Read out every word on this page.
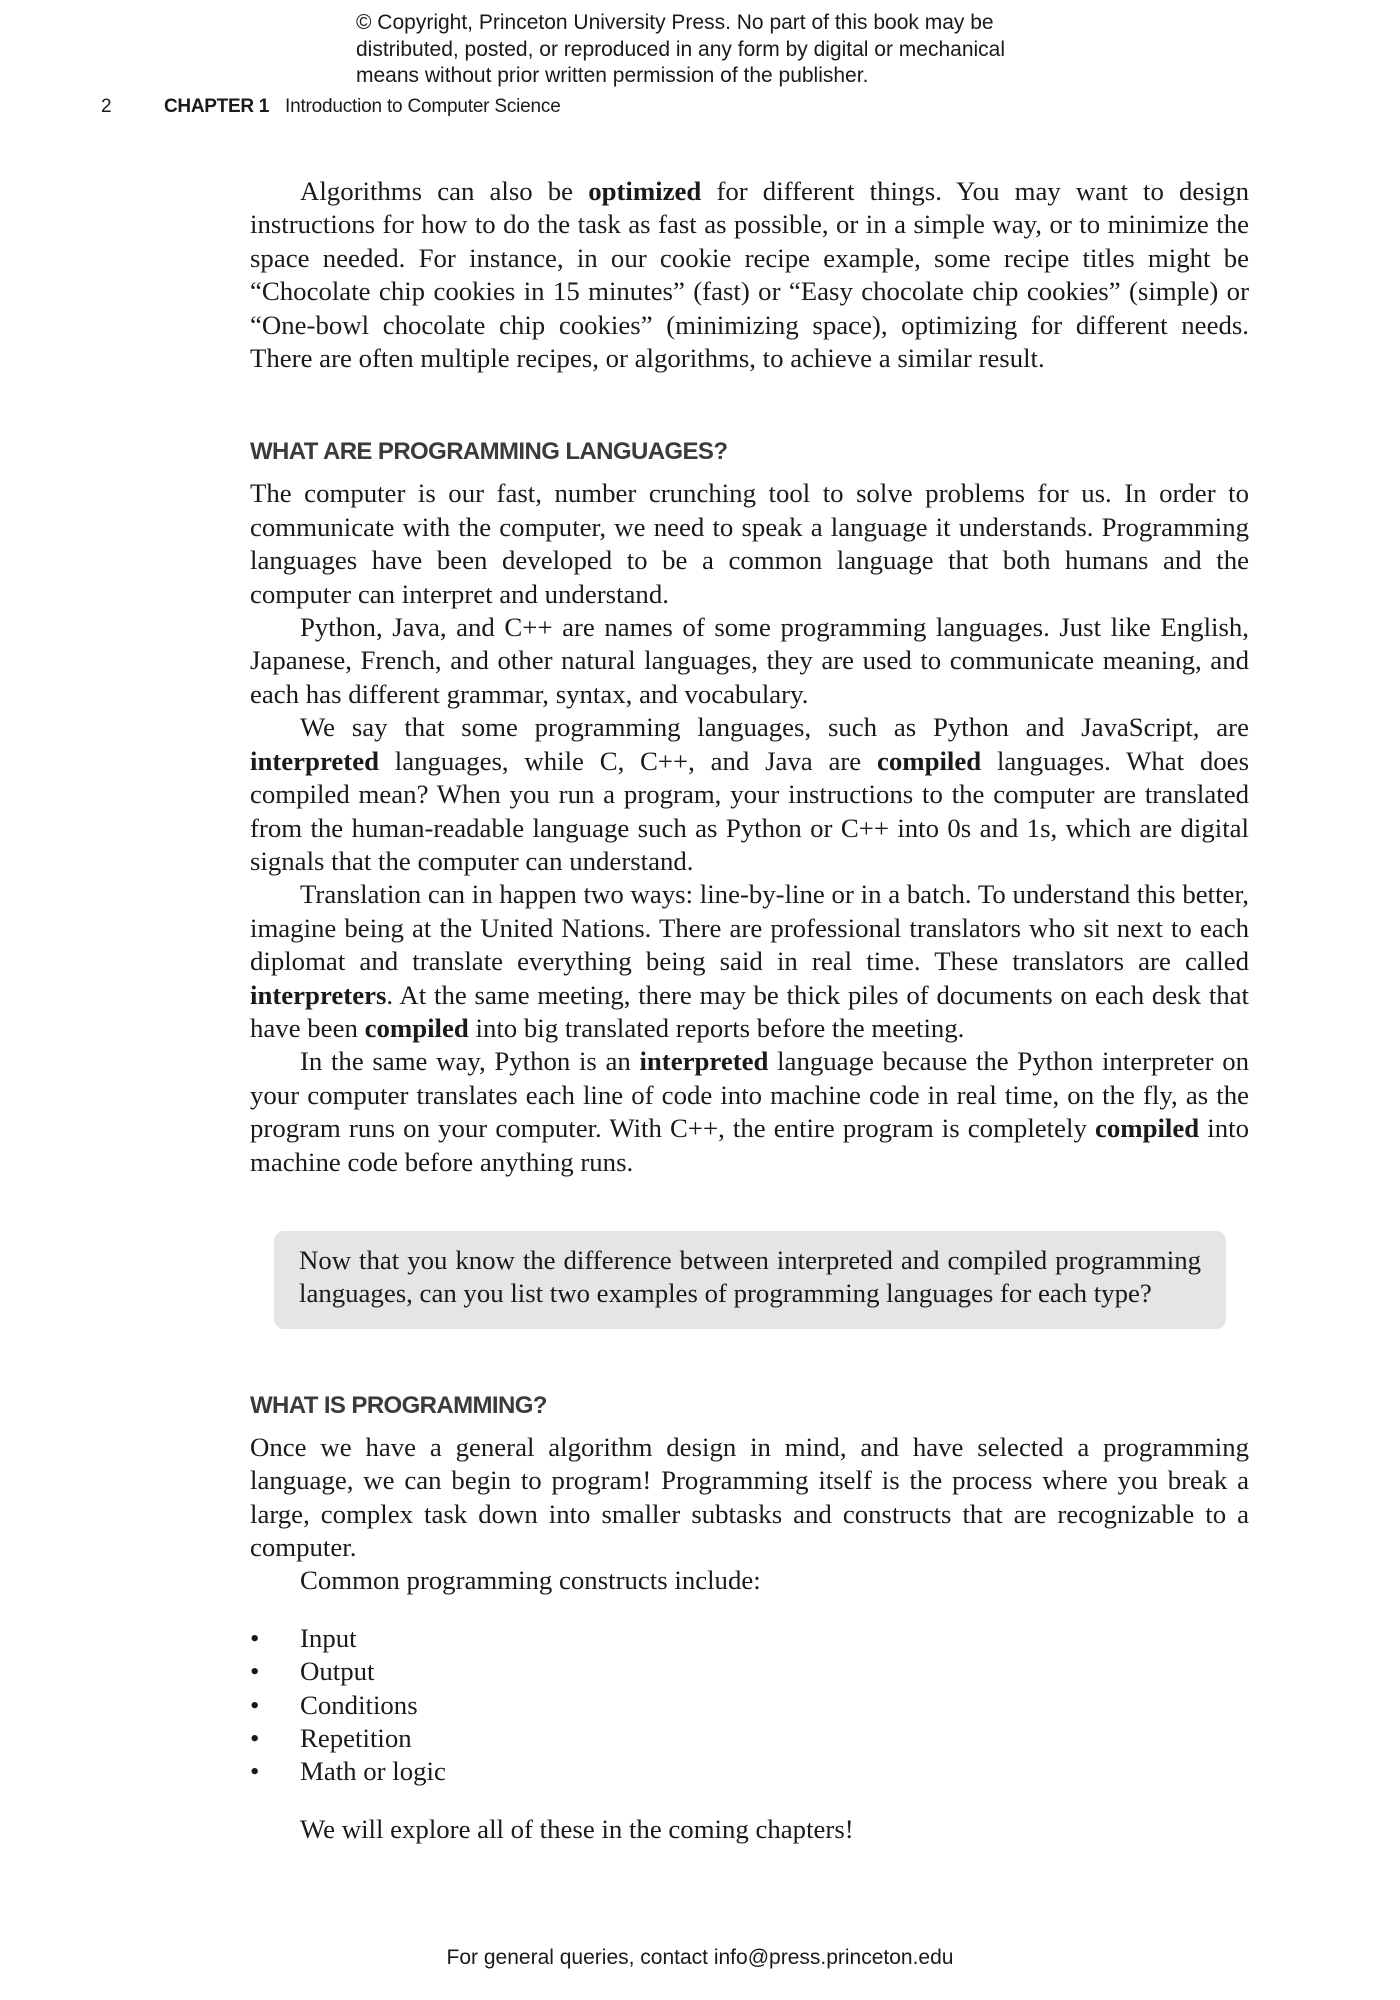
© Copyright, Princeton University Press. No part of this book may be
distributed, posted, or reproduced in any form by digital or mechanical
means without prior written permission of the publisher.
2	CHAPTER 1 Introduction to Computer Science

Algorithms can also be optimized for different things. You may want to design instructions for how to do the task as fast as possible, or in a simple way, or to minimize the space needed. For instance, in our cookie recipe example, some recipe titles might be “Chocolate chip cookies in 15 minutes” (fast) or “Easy chocolate chip cookies” (simple) or “One-bowl chocolate chip cookies” (minimizing space), optimizing for different needs. There are often multiple recipes, or algorithms, to achieve a similar result.

WHAT ARE PROGRAMMING LANGUAGES?

The computer is our fast, number crunching tool to solve problems for us. In order to communicate with the computer, we need to speak a language it understands. Programming languages have been developed to be a common language that both humans and the computer can interpret and understand.

Python, Java, and C++ are names of some programming languages. Just like English, Japanese, French, and other natural languages, they are used to communicate meaning, and each has different grammar, syntax, and vocabulary.

We say that some programming languages, such as Python and JavaScript, are interpreted languages, while C, C++, and Java are compiled languages. What does compiled mean? When you run a program, your instructions to the computer are translated from the human-readable language such as Python or C++ into 0s and 1s, which are digital signals that the computer can understand.

Translation can in happen two ways: line-by-line or in a batch. To understand this better, imagine being at the United Nations. There are professional translators who sit next to each diplomat and translate everything being said in real time. These translators are called interpreters. At the same meeting, there may be thick piles of documents on each desk that have been compiled into big translated reports before the meeting.

In the same way, Python is an interpreted language because the Python interpreter on your computer translates each line of code into machine code in real time, on the fly, as the program runs on your computer. With C++, the entire program is completely compiled into machine code before anything runs.

Now that you know the difference between interpreted and compiled programming languages, can you list two examples of programming languages for each type?
WHAT IS PROGRAMMING?

Once we have a general algorithm design in mind, and have selected a programming language, we can begin to program! Programming itself is the process where you break a large, complex task down into smaller subtasks and constructs that are recognizable to a computer.

Common programming constructs include:

• Input
• Output
• Conditions
• Repetition
• Math or logic

We will explore all of these in the coming chapters!

For general queries, contact info@press.princeton.edu
